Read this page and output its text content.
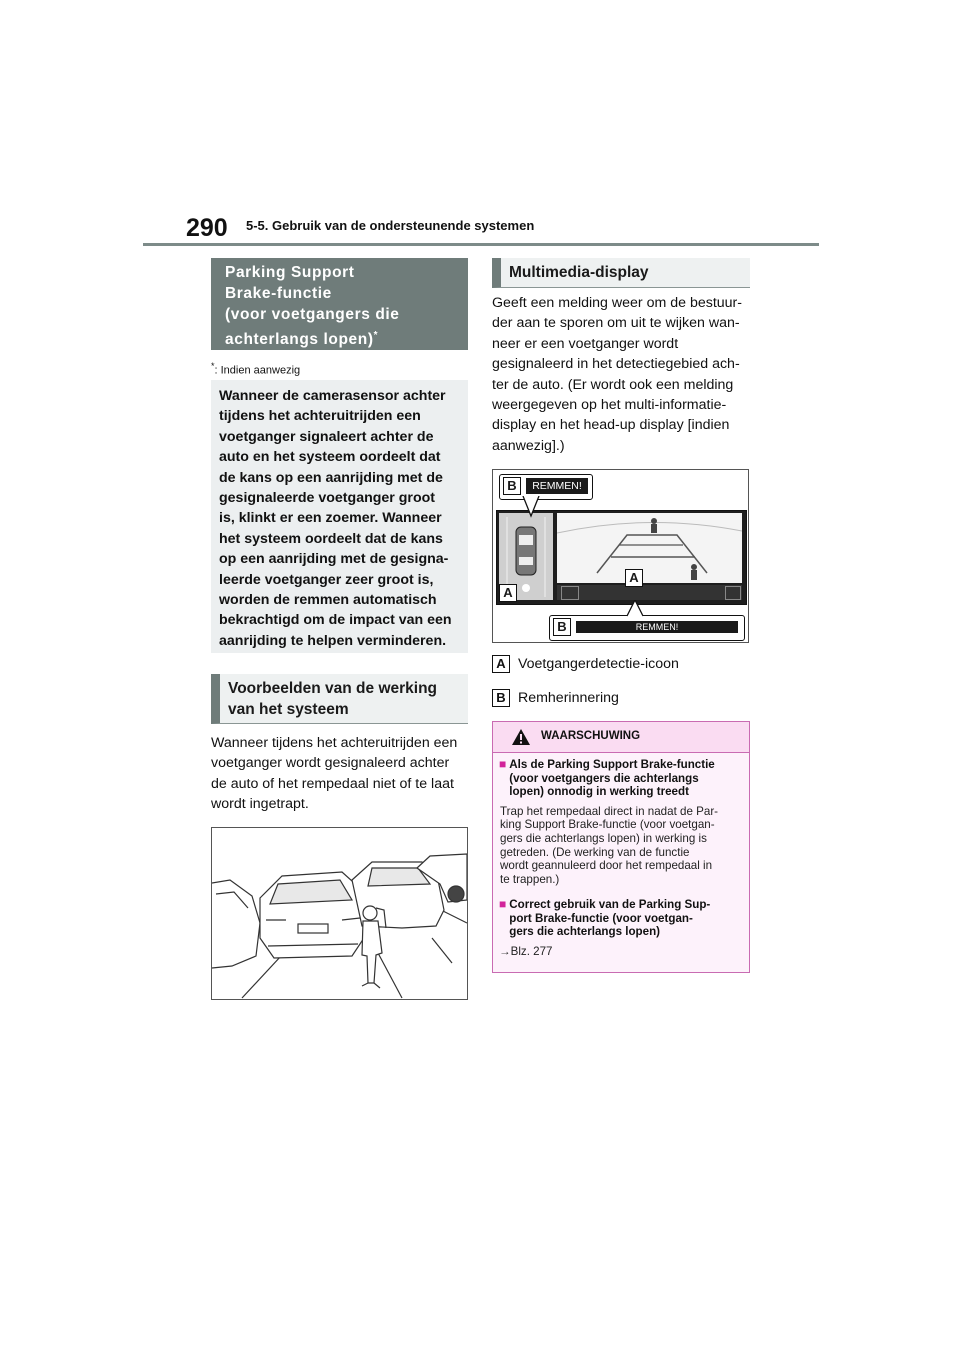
290 5-5. Gebruik van de ondersteunende systemen
Parking Support
Brake-functie
(voor voetgangers die
achterlangs lopen)*
*: Indien aanwezig
Wanneer de camerasensor achter
tijdens het achteruitrijden een
voetganger signaleert achter de
auto en het systeem oordeelt dat
de kans op een aanrijding met de
gesignaleerde voetganger groot
is, klinkt er een zoemer. Wanneer
het systeem oordeelt dat de kans
op een aanrijding met de gesigna-
leerde voetganger zeer groot is,
worden de remmen automatisch
bekrachtigd om de impact van een
aanrijding te helpen verminderen.
Voorbeelden van de werking
van het systeem
Wanneer tijdens het achteruitrijden een
voetganger wordt gesignaleerd achter
de auto of het rempedaal niet of te laat
wordt ingetrapt.
Multimedia-display
Geeft een melding weer om de bestuur-
der aan te sporen om uit te wijken wan-
neer er een voetganger wordt
gesignaleerd in het detectiegebied ach-
ter de auto. (Er wordt ook een melding
weergegeven op het multi-informatie-
display en het head-up display [indien
aanwezig].)
B	REMMEN!
A
A
B	REMMEN!
A Voetgangerdetectie-icoon
B Remherinnering
WAARSCHUWING
■ Als de Parking Support Brake-functie
(voor voetgangers die achterlangs
lopen) onnodig in werking treedt
Trap het rempedaal direct in nadat de Par-
king Support Brake-functie (voor voetgan-
gers die achterlangs lopen) in werking is
getreden. (De werking van de functie
wordt geannuleerd door het rempedaal in
te trappen.)
■ Correct gebruik van de Parking Sup-
port Brake-functie (voor voetgan-
gers die achterlangs lopen)
→Blz. 277
